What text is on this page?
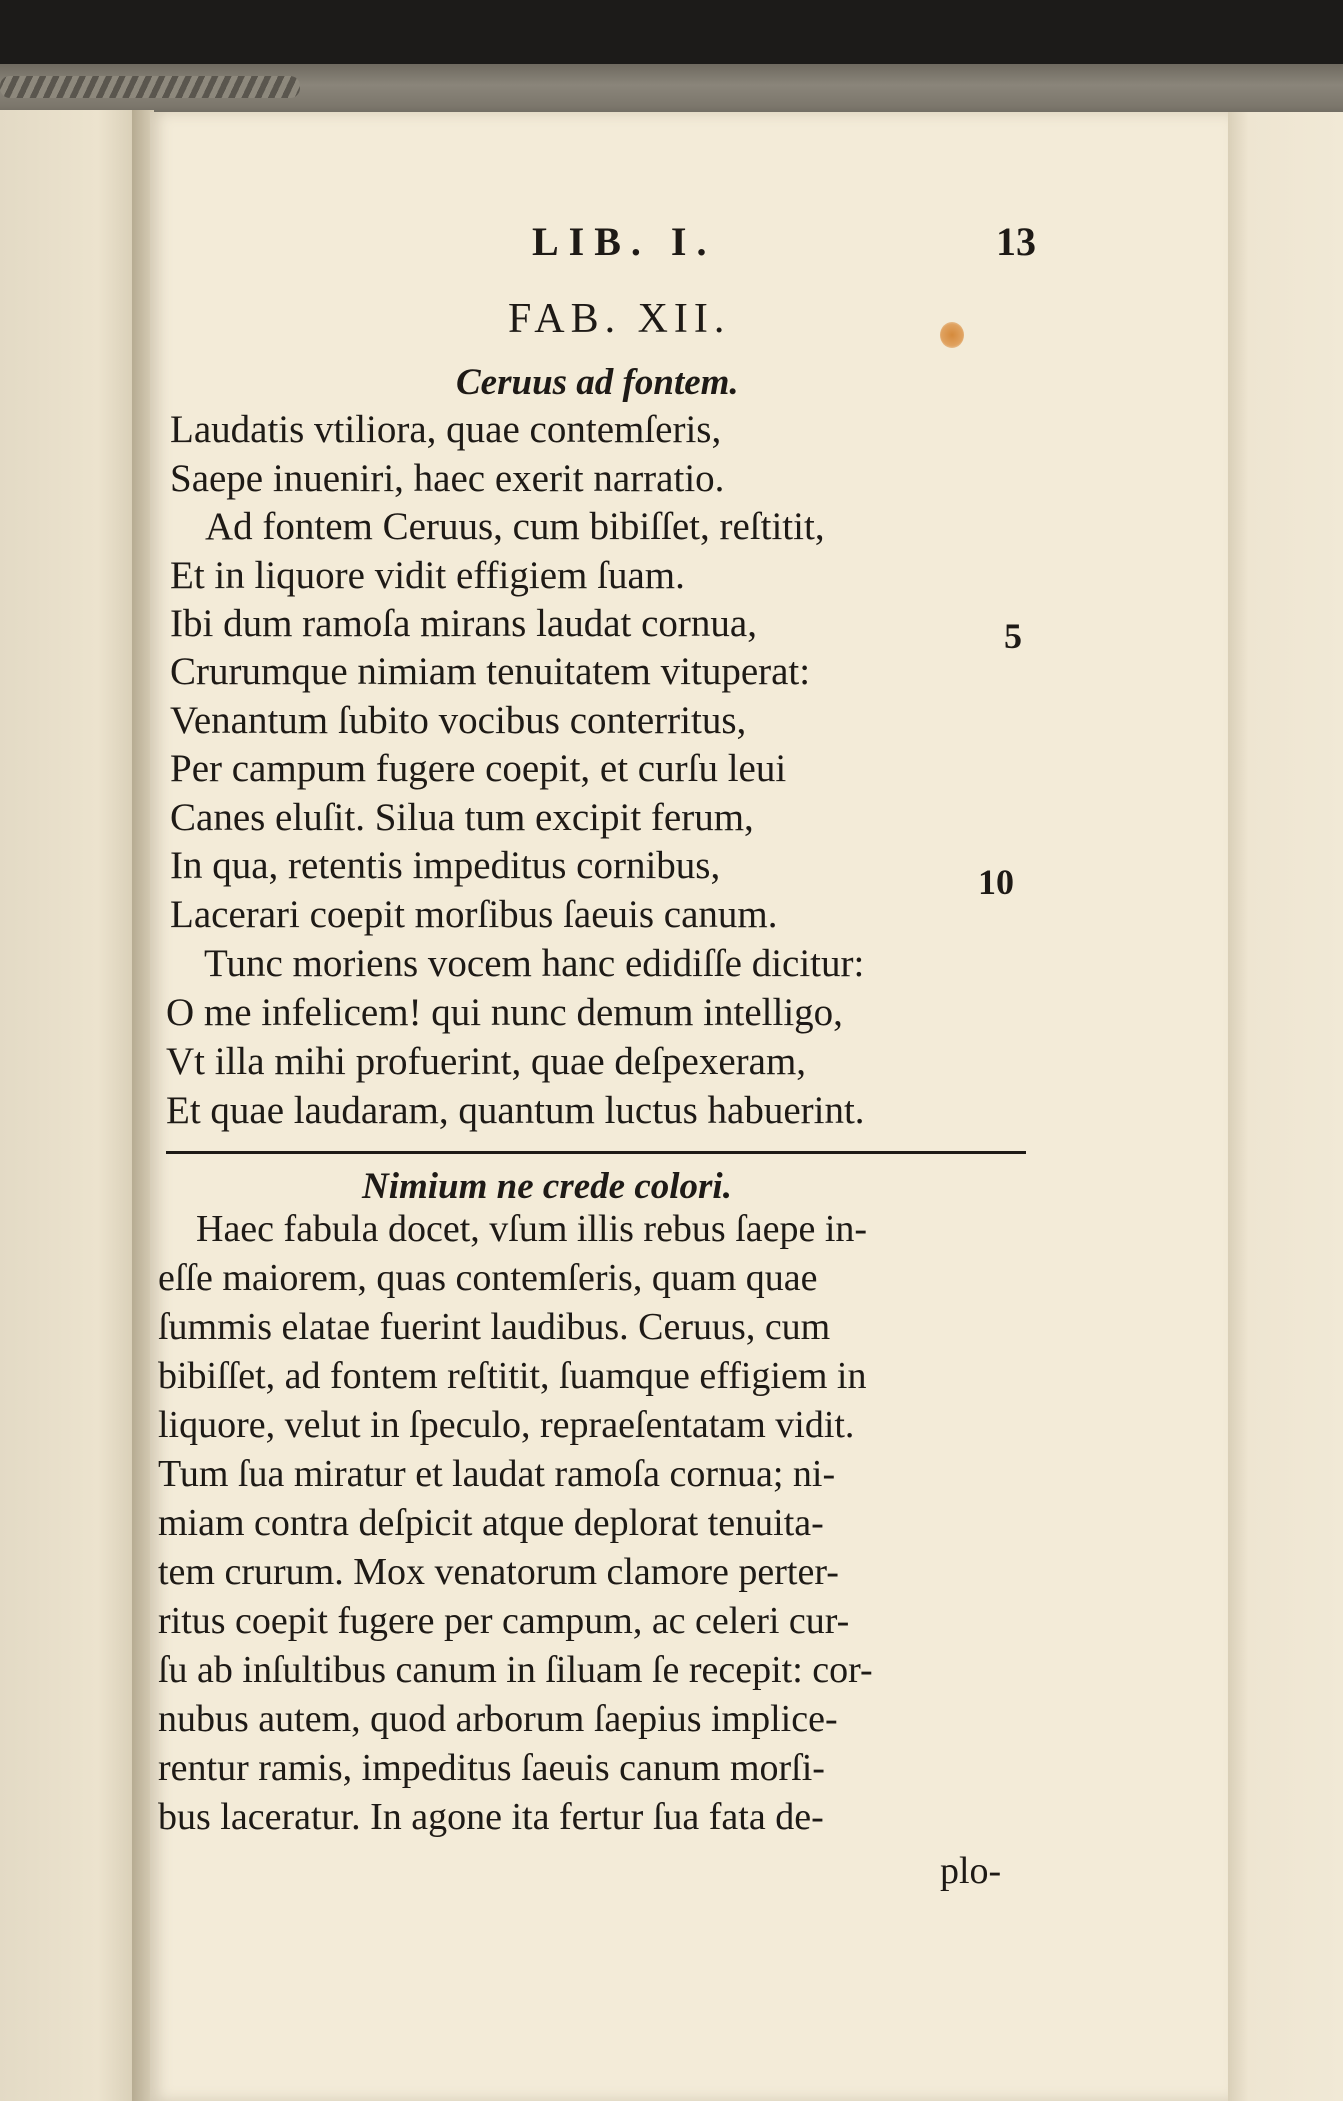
LIB. I.	13
FAB. XII.
Ceruus ad fontem.
Laudatis vtiliora, quae contemſeris,
Saepe inueniri, haec exerit narratio.
Ad fontem Ceruus, cum bibiſſet, reſtitit,
Et in liquore vidit effigiem ſuam.
Ibi dum ramoſa mirans laudat cornua,	5
Crurumque nimiam tenuitatem vituperat:
Venantum ſubito vocibus conterritus,
Per campum fugere coepit, et curſu leui
Canes eluſit. Silua tum excipit ferum,
In qua, retentis impeditus cornibus,	10
Lacerari coepit morſibus ſaeuis canum.
Tunc moriens vocem hanc edidiſſe dicitur:
O me infelicem! qui nunc demum intelligo,
Vt illa mihi profuerint, quae deſpexeram,
Et quae laudaram, quantum luctus habuerint.
Nimium ne crede colori.
Haec fabula docet, vſum illis rebus ſaepe in-
eſſe maiorem, quas contemſeris, quam quae
ſummis elatae fuerint laudibus. Ceruus, cum
bibiſſet, ad fontem reſtitit, ſuamque effigiem in
liquore, velut in ſpeculo, repraeſentatam vidit.
Tum ſua miratur et laudat ramoſa cornua; ni-
miam contra deſpicit atque deplorat tenuita-
tem crurum. Mox venatorum clamore perter-
ritus coepit fugere per campum, ac celeri cur-
ſu ab inſultibus canum in ſiluam ſe recepit: cor-
nubus autem, quod arborum ſaepius implice-
rentur ramis, impeditus ſaeuis canum morſi-
bus laceratur. In agone ita fertur ſua fata de-
plo-
